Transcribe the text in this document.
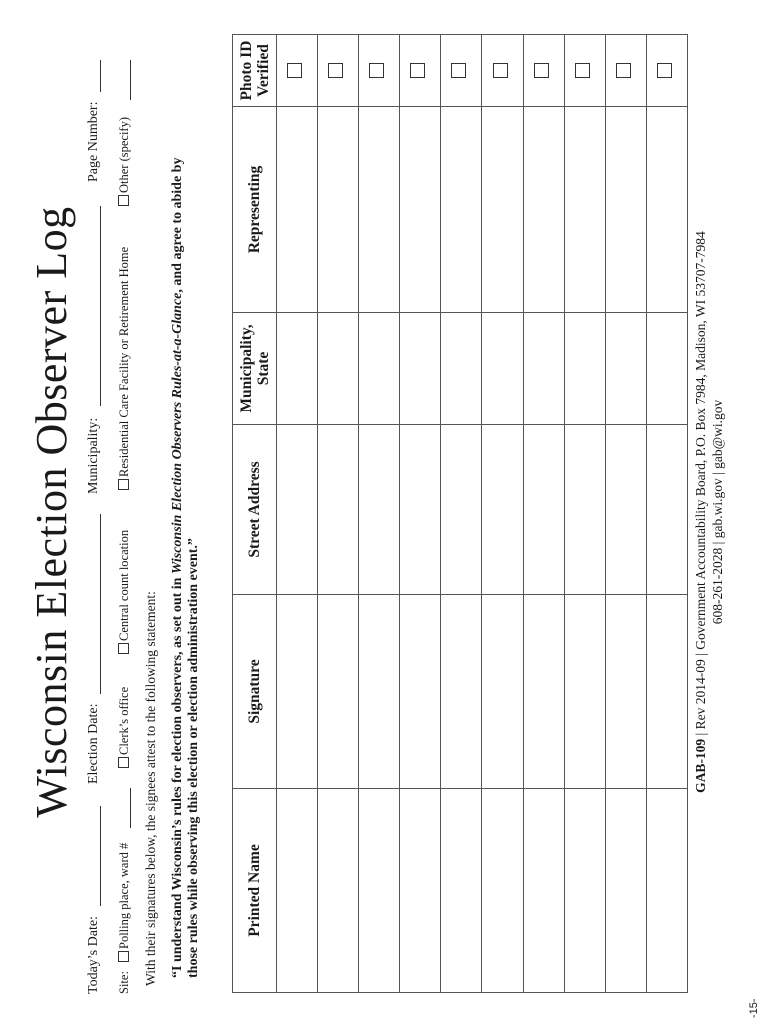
Wisconsin Election Observer Log
Today’s Date:
Election Date:
Municipality:
Page Number:
Site:
Polling place, ward #
Clerk’s office
Central count location
Residential Care Facility or Retirement Home
Other (specify)
With their signatures below, the signees attest to the following statement: “I understand Wisconsin’s rules for election observers, as set out in Wisconsin Election Observers Rules-at-a-Glance, and agree to abide by those rules while observing this election or election administration event.”	Printed Name	Signature	Street Address	Municipality, State	Representing	Photo ID Verified

GAB-109 | Rev 2014-09 | Government Accountability Board, P.O. Box 7984, Madison, WI 53707-7984 608-261-2028 | gab.wi.gov | gab@wi.gov
-15-
